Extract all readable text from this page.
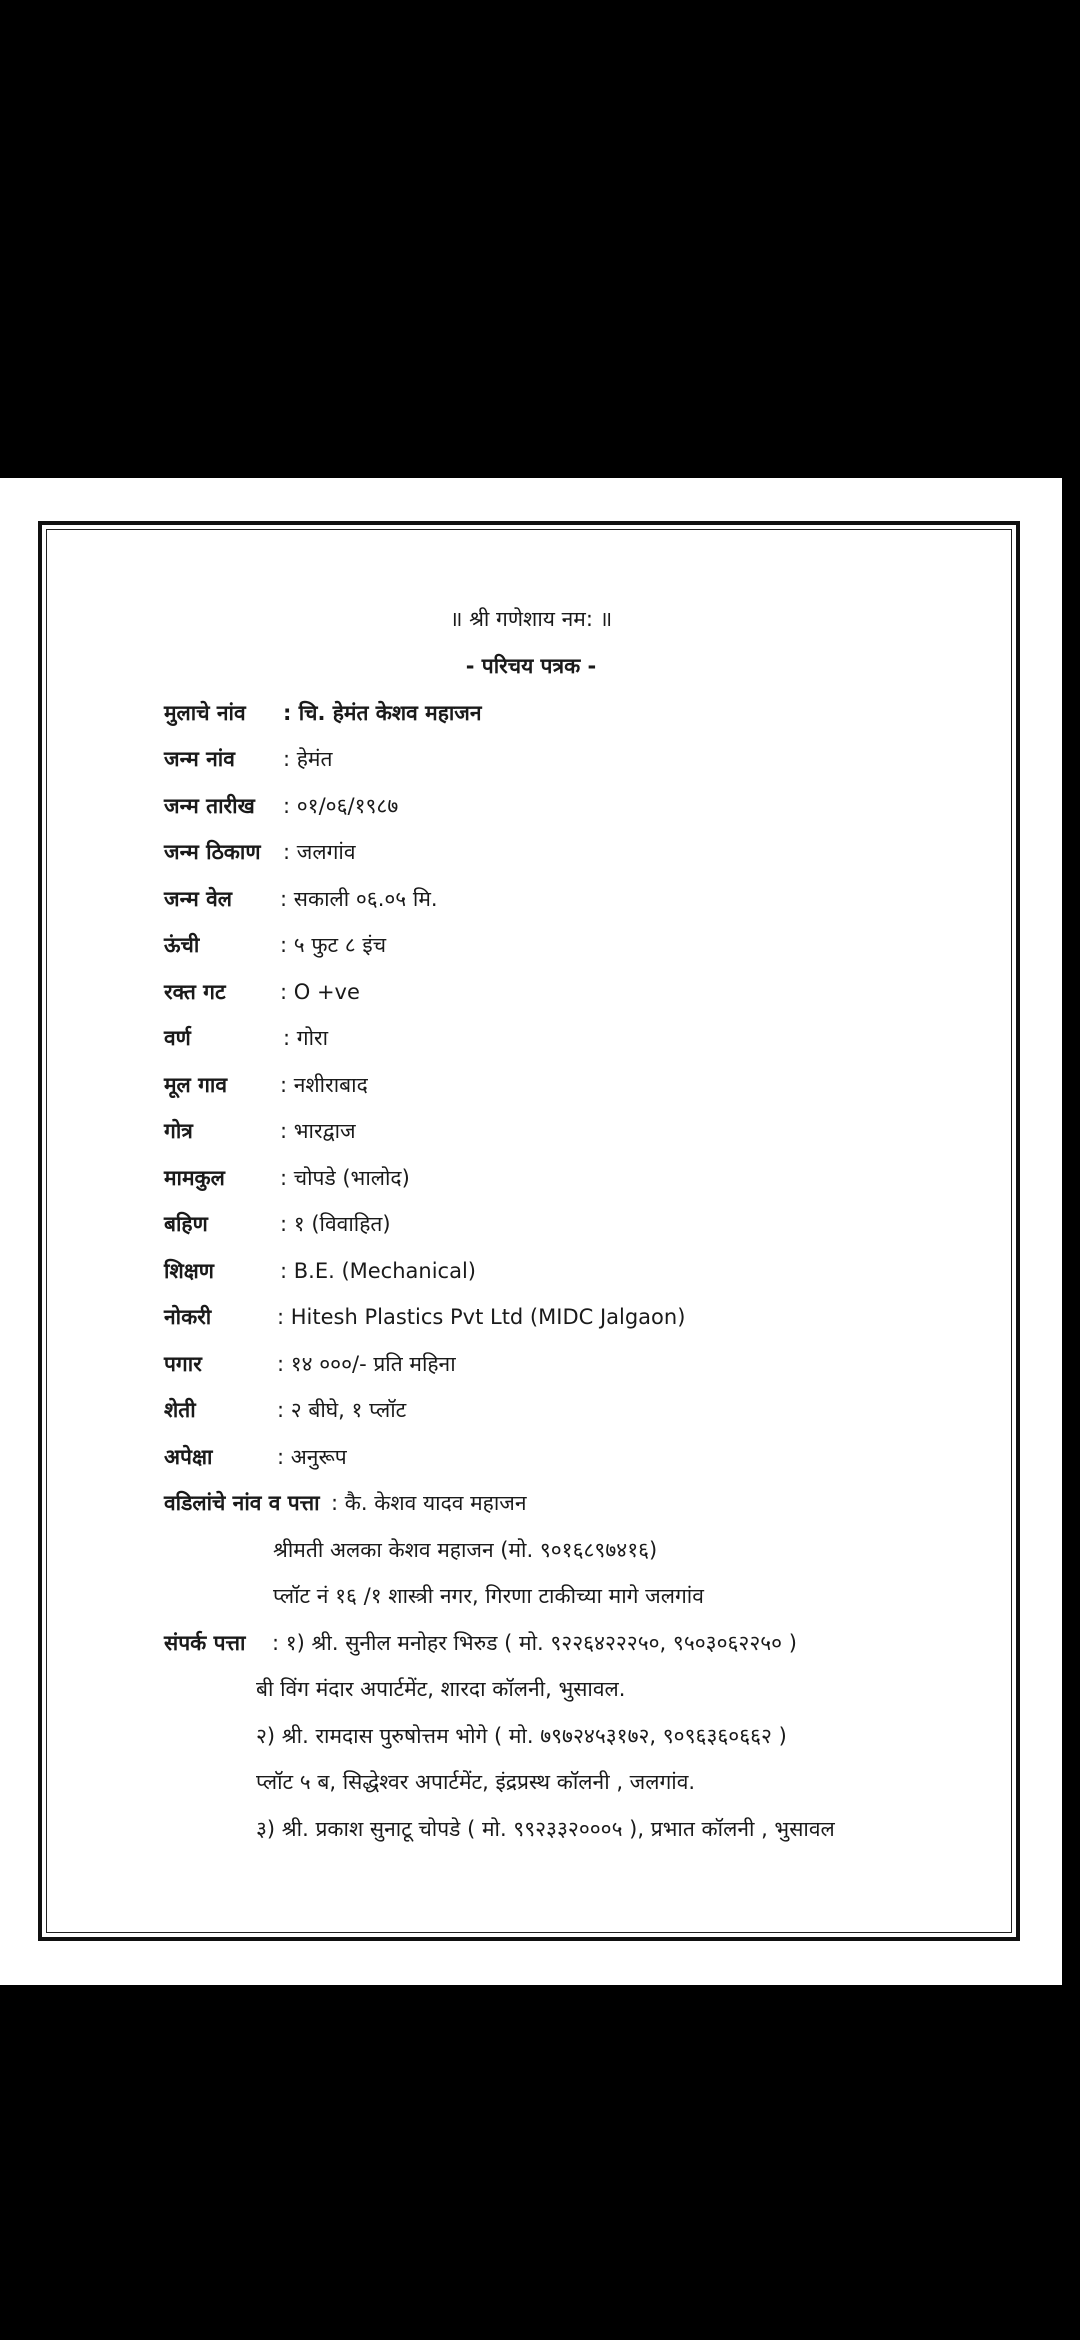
॥ श्री गणेशाय नम: ॥
- परिचय पत्रक -
मुलाचे नांव : चि. हेमंत केशव महाजन
जन्म नांव : हेमंत
जन्म तारीख : ०१/०६/१९८७
जन्म ठिकाण : जलगांव
जन्म वेल : सकाली ०६.०५ मि.
ऊंची	: ५ फुट ८ इंच
रक्त गट	: O +ve
वर्ण	: गोरा
मूल गाव	: नशीराबाद
गोत्र	: भारद्वाज
मामकुल	: चोपडे (भालोद)
बहिण	: १ (विवाहित)
शिक्षण	: B.E. (Mechanical)
नोकरी	: Hitesh Plastics Pvt Ltd (MIDC Jalgaon)
पगार	: १४ ०००/- प्रति महिना
शेती	: २ बीघे, १ प्लॉट
अपेक्षा	: अनुरूप
वडिलांचे नांव व पत्ता : कै. केशव यादव महाजन
श्रीमती अलका केशव महाजन (मो. ९०१६८९७४१६)
प्लॉट नं १६ /१ शास्त्री नगर, गिरणा टाकीच्या मागे जलगांव
संपर्क पत्ता : १) श्री. सुनील मनोहर भिरुड ( मो. ९२२६४२२२५०, ९५०३०६२२५० )
बी विंग मंदार अपार्टमेंट, शारदा कॉलनी, भुसावल.
२) श्री. रामदास पुरुषोत्तम भोगे ( मो. ७९७२४५३१७२, ९०९६३६०६६२ )
प्लॉट ५ ब, सिद्धेश्वर अपार्टमेंट, इंद्रप्रस्थ कॉलनी , जलगांव.
३) श्री. प्रकाश सुनाटू चोपडे ( मो. ९९२३३२०००५ ), प्रभात कॉलनी , भुसावल
